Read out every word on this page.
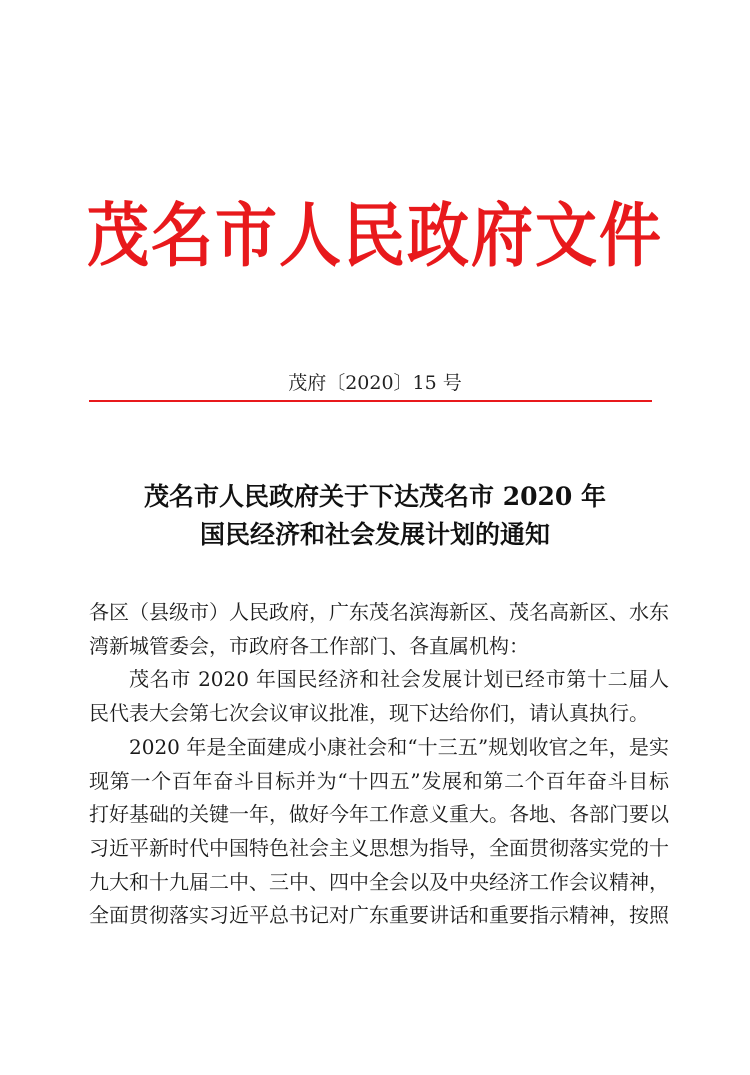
茂名市人民政府文件
茂府〔2020〕15 号
茂名市人民政府关于下达茂名市 2020 年
国民经济和社会发展计划的通知

各区（县级市）人民政府，广东茂名滨海新区、茂名高新区、水东湾新城管委会，市政府各工作部门、各直属机构：

茂名市 2020 年国民经济和社会发展计划已经市第十二届人民代表大会第七次会议审议批准，现下达给你们，请认真执行。

2020 年是全面建成小康社会和“十三五”规划收官之年，是实现第一个百年奋斗目标并为“十四五”发展和第二个百年奋斗目标打好基础的关键一年，做好今年工作意义重大。各地、各部门要以习近平新时代中国特色社会主义思想为指导，全面贯彻落实党的十九大和十九届二中、三中、四中全会以及中央经济工作会议精神，全面贯彻落实习近平总书记对广东重要讲话和重要指示精神，按照
